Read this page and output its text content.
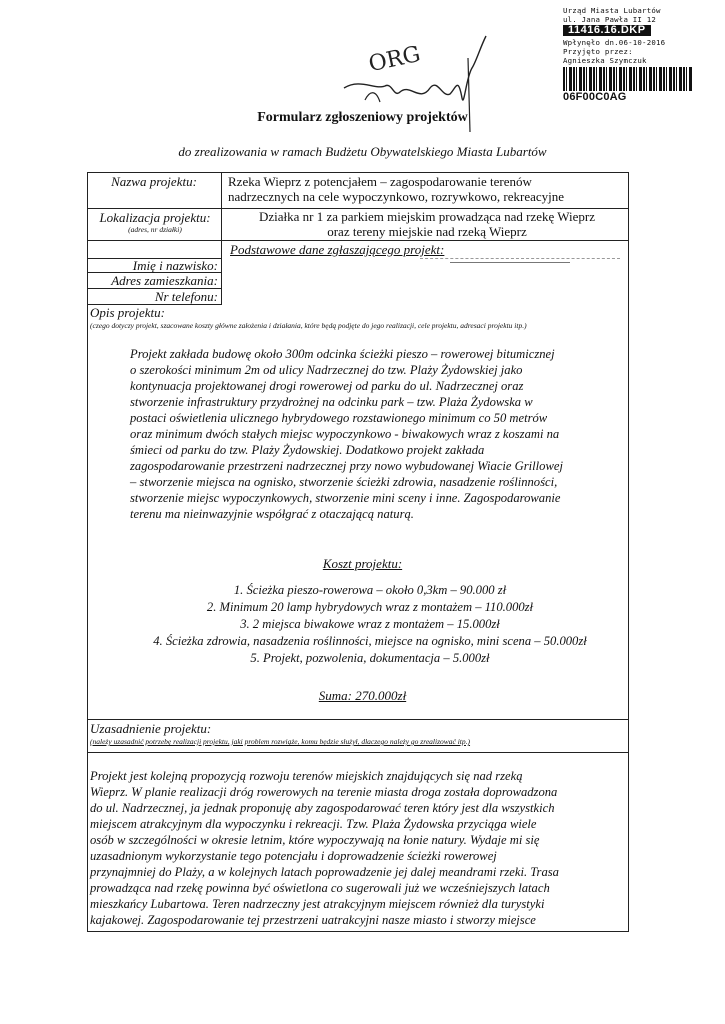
Urząd Miasta Lubartów
ul. Jana Pawła II 12
11416.16.DKP
Wpłynęło dn.06-10-2016
Przyjęto przez:
Agnieszka Szymczuk
06F00C0AG
ORG
Formularz zgłoszeniowy projektów
do zrealizowania w ramach Budżetu Obywatelskiego Miasta Lubartów
Nazwa projektu:	Rzeka Wieprz z potencjałem – zagospodarowanie terenów
nadrzecznych na cele wypoczynkowo, rozrywkowo, rekreacyjne
Lokalizacja projektu:
(adres, nr działki)
Działka nr 1 za parkiem miejskim prowadząca nad rzekę Wieprz
oraz tereny miejskie nad rzeką Wieprz
Podstawowe dane zgłaszającego projekt:
Imię i nazwisko:
Adres zamieszkania:
Nr telefonu:
Opis projektu:
(czego dotyczy projekt, szacowane koszty główne założenia i działania, które będą podjęte do jego realizacji, cele projektu, adresaci projektu itp.)
Projekt zakłada budowę około 300m odcinka ścieżki pieszo – rowerowej bitumicznej
o szerokości minimum 2m od ulicy Nadrzecznej do tzw. Plaży Żydowskiej jako
kontynuacja projektowanej drogi rowerowej od parku do ul. Nadrzecznej oraz
stworzenie infrastruktury przydrożnej na odcinku park – tzw. Plaża Żydowska w
postaci oświetlenia ulicznego hybrydowego rozstawionego minimum co 50 metrów
oraz minimum dwóch stałych miejsc wypoczynkowo - biwakowych wraz z koszami na
śmieci od parku do tzw. Plaży Żydowskiej. Dodatkowo projekt zakłada
zagospodarowanie przestrzeni nadrzecznej przy nowo wybudowanej Wiacie Grillowej
– stworzenie miejsca na ognisko, stworzenie ścieżki zdrowia, nasadzenie roślinności,
stworzenie miejsc wypoczynkowych, stworzenie mini sceny i inne. Zagospodarowanie
terenu ma nieinwazyjnie współgrać z otaczającą naturą.
Koszt projektu:
1. Ścieżka pieszo-rowerowa – około 0,3km – 90.000 zł
2. Minimum 20 lamp hybrydowych wraz z montażem – 110.000zł
3. 2 miejsca biwakowe wraz z montażem – 15.000zł
4. Ścieżka zdrowia, nasadzenia roślinności, miejsce na ognisko, mini scena – 50.000zł
5. Projekt, pozwolenia, dokumentacja – 5.000zł
Suma: 270.000zł
Uzasadnienie projektu:
(należy uzasadnić potrzebę realizacji projektu, jaki problem rozwiąże, komu będzie służył, dlaczego należy go zrealizować itp.)
Projekt jest kolejną propozycją rozwoju terenów miejskich znajdujących się nad rzeką
Wieprz. W planie realizacji dróg rowerowych na terenie miasta droga została doprowadzona
do ul. Nadrzecznej, ja jednak proponuję aby zagospodarować teren który jest dla wszystkich
miejscem atrakcyjnym dla wypoczynku i rekreacji. Tzw. Plaża Żydowska przyciąga wiele
osób w szczególności w okresie letnim, które wypoczywają na łonie natury. Wydaje mi się
uzasadnionym wykorzystanie tego potencjału i doprowadzenie ścieżki rowerowej
przynajmniej do Plaży, a w kolejnych latach poprowadzenie jej dalej meandrami rzeki. Trasa
prowadząca nad rzekę powinna być oświetlona co sugerowali już we wcześniejszych latach
mieszkańcy Lubartowa. Teren nadrzeczny jest atrakcyjnym miejscem również dla turystyki
kajakowej. Zagospodarowanie tej przestrzeni uatrakcyjni nasze miasto i stworzy miejsce
